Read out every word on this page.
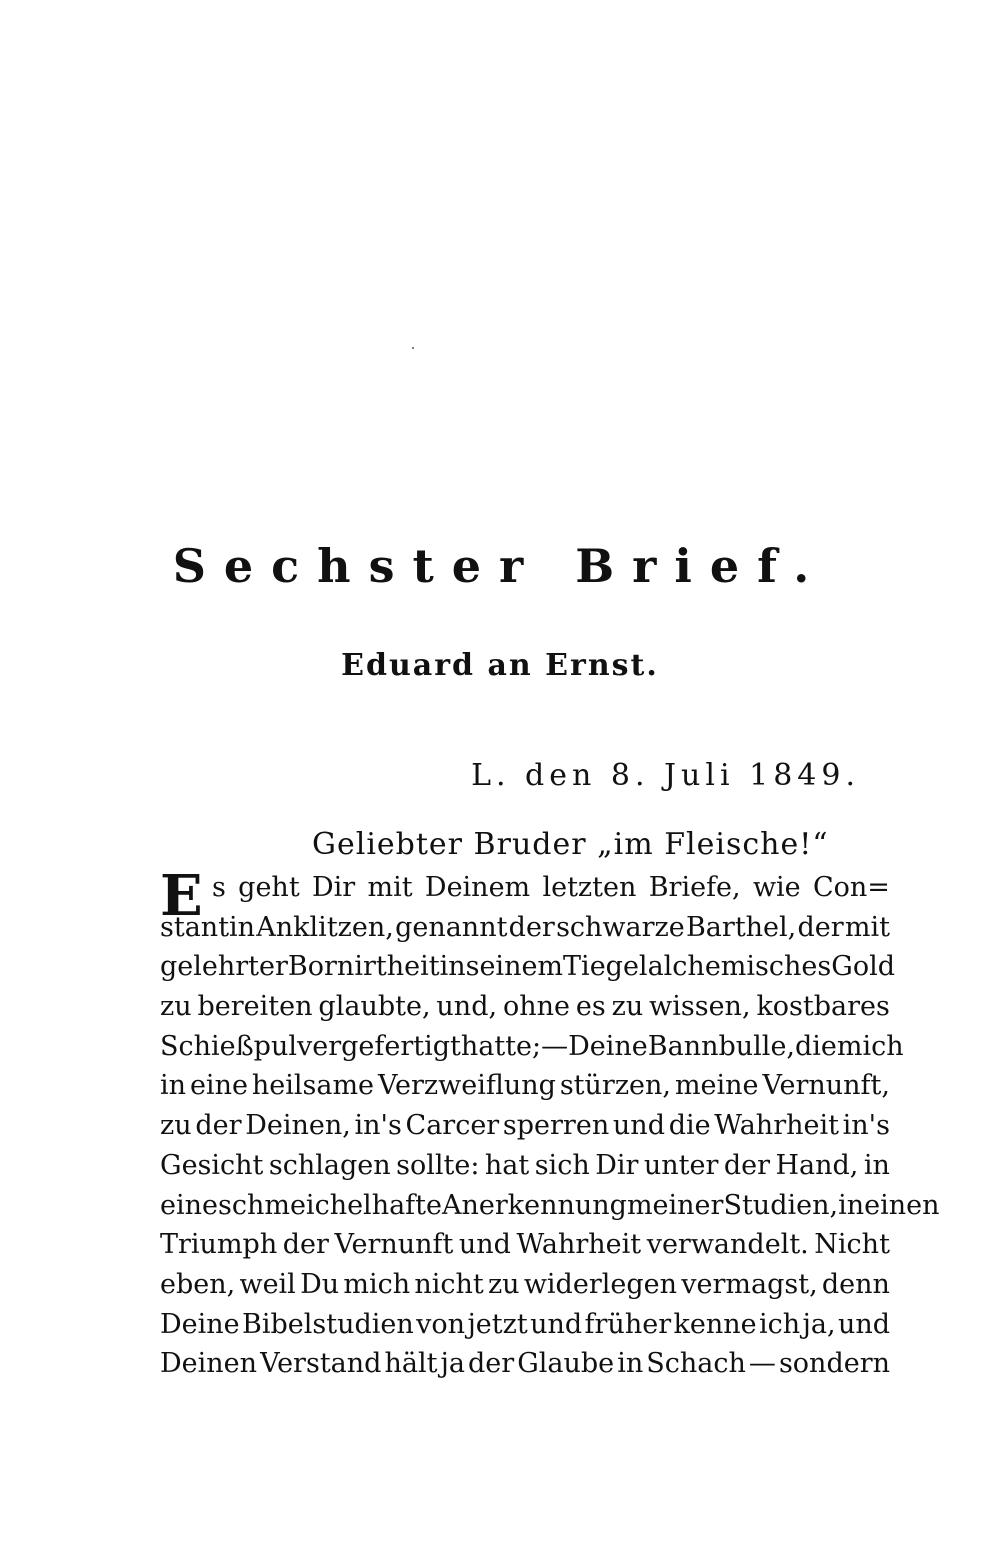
Sechster Brief.
Eduard an Ernst.
L. den 8. Juli 1849.
Geliebter Bruder „im Fleische!“
E s geht Dir mit Deinem letzten Briefe, wie Con=
stantin Anklitzen, genannt der schwarze Barthel, der mit
gelehrter Bornirtheit in seinem Tiegel alchemisches Gold
zu bereiten glaubte, und, ohne es zu wissen, kostbares
Schießpulver gefertigt hatte; — Deine Bannbulle, die mich
in eine heilsame Verzweiflung stürzen, meine Vernunft,
zu der Deinen, in's Carcer sperren und die Wahrheit in's
Gesicht schlagen sollte: hat sich Dir unter der Hand, in
eine schmeichelhafte Anerkennung meiner Studien, in einen
Triumph der Vernunft und Wahrheit verwandelt. Nicht
eben, weil Du mich nicht zu widerlegen vermagst, denn
Deine Bibelstudien von jetzt und früher kenne ich ja, und
Deinen Verstand hält ja der Glaube in Schach — sondern
